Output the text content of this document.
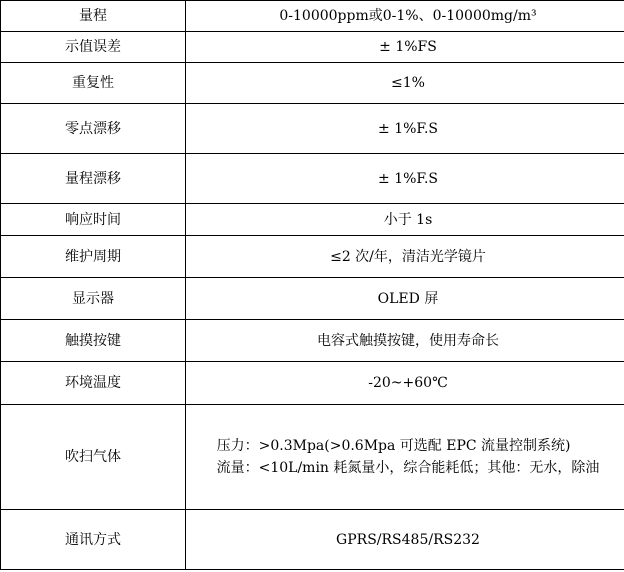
量程	0-10000ppm或0-1%、0-10000mg/m³
示值误差	± 1%FS
重复性	≤1%
零点漂移	± 1%F.S
量程漂移	± 1%F.S
响应时间	小于 1s
维护周期	≤2 次/年，清洁光学镜片
显示器	OLED 屏
触摸按键	电容式触摸按键，使用寿命长
环境温度	-20~+60℃
吹扫气体	压力：>0.3Mpa(>0.6Mpa 可选配 EPC 流量控制系统)
流量：<10L/min 耗氮量小，综合能耗低；其他：无水，除油

通讯方式	GPRS/RS485/RS232
